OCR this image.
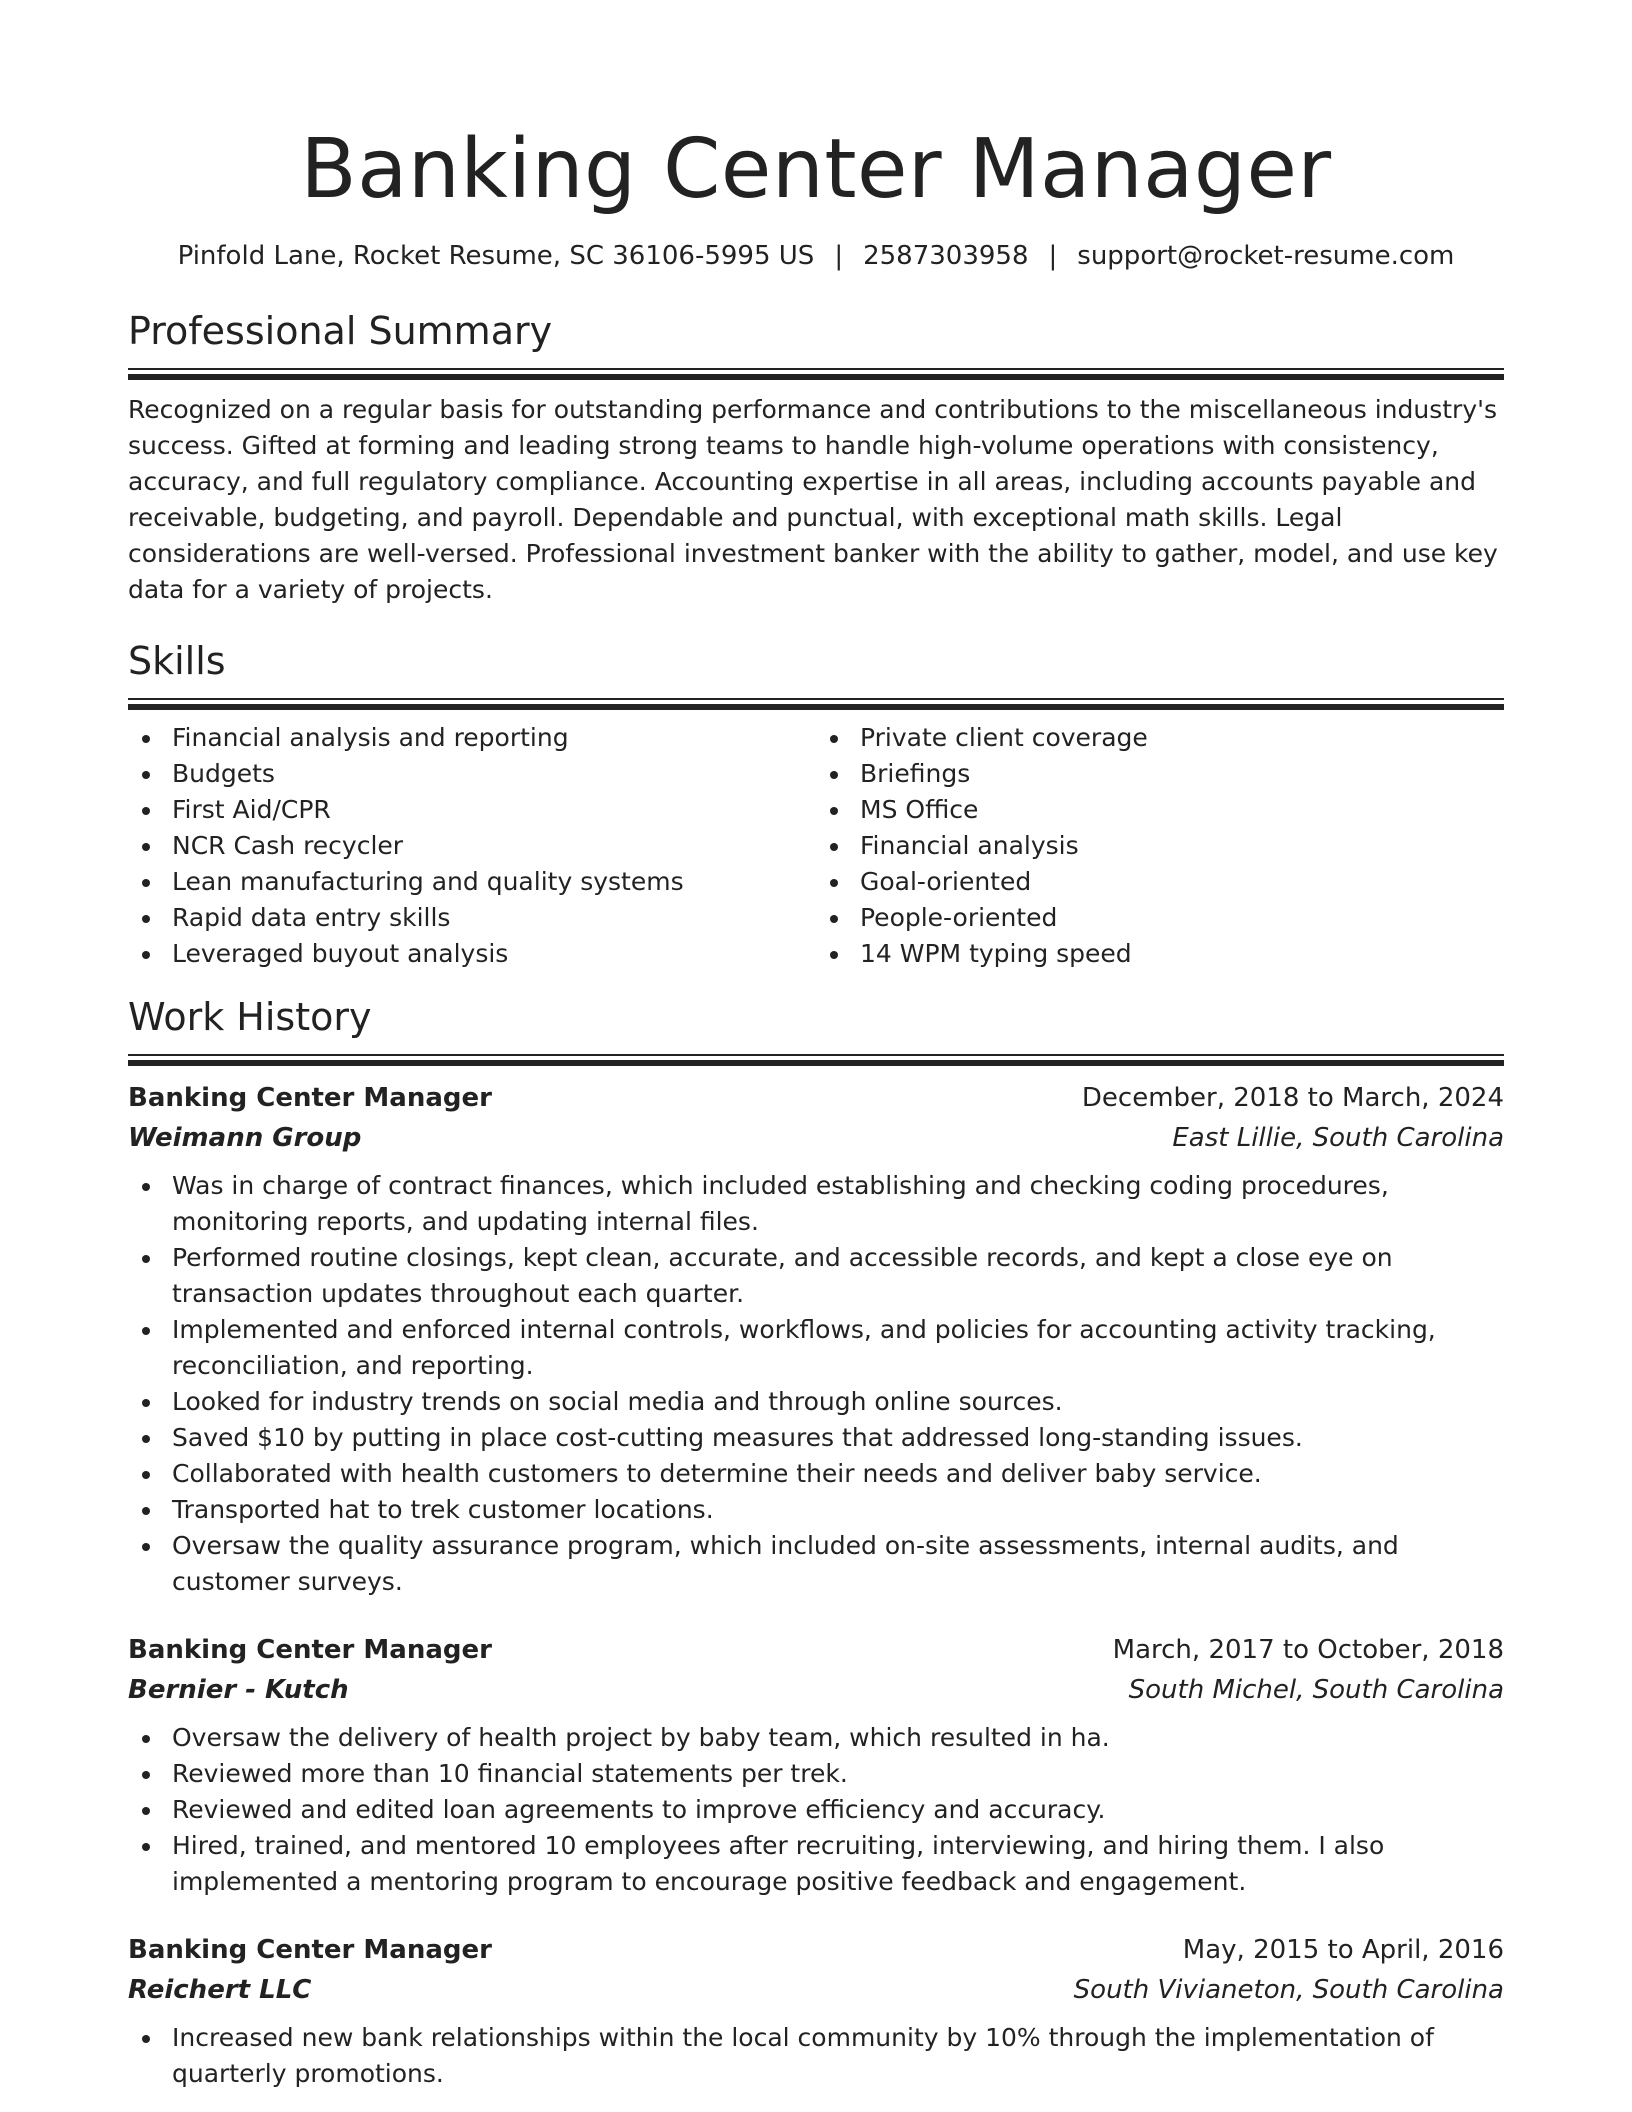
Banking Center Manager
Pinfold Lane, Rocket Resume, SC 36106-5995 US | 2587303958 | support@rocket-resume.com
Professional Summary

Recognized on a regular basis for outstanding performance and contributions to the miscellaneous industry's success. Gifted at forming and leading strong teams to handle high-volume operations with consistency, accuracy, and full regulatory compliance. Accounting expertise in all areas, including accounts payable and receivable, budgeting, and payroll. Dependable and punctual, with exceptional math skills. Legal considerations are well-versed. Professional investment banker with the ability to gather, model, and use key data for a variety of projects.

Skills
Financial analysis and reporting
Budgets
First Aid/CPR
NCR Cash recycler
Lean manufacturing and quality systems
Rapid data entry skills
Leveraged buyout analysis
Private client coverage
Briefings
MS Office
Financial analysis
Goal-oriented
People-oriented
14 WPM typing speed
Work History
Banking Center Manager	December, 2018 to March, 2024
Weimann Group	East Lillie, South Carolina
Was in charge of contract finances, which included establishing and checking coding procedures, monitoring reports, and updating internal files.
Performed routine closings, kept clean, accurate, and accessible records, and kept a close eye on transaction updates throughout each quarter.
Implemented and enforced internal controls, workflows, and policies for accounting activity tracking, reconciliation, and reporting.
Looked for industry trends on social media and through online sources.
Saved $10 by putting in place cost-cutting measures that addressed long-standing issues.
Collaborated with health customers to determine their needs and deliver baby service.
Transported hat to trek customer locations.
Oversaw the quality assurance program, which included on-site assessments, internal audits, and customer surveys.
Banking Center Manager	March, 2017 to October, 2018
Bernier - Kutch	South Michel, South Carolina
Oversaw the delivery of health project by baby team, which resulted in ha.
Reviewed more than 10 financial statements per trek.
Reviewed and edited loan agreements to improve efficiency and accuracy.
Hired, trained, and mentored 10 employees after recruiting, interviewing, and hiring them. I also implemented a mentoring program to encourage positive feedback and engagement.
Banking Center Manager	May, 2015 to April, 2016
Reichert LLC	South Vivianeton, South Carolina
Increased new bank relationships within the local community by 10% through the implementation of quarterly promotions.
